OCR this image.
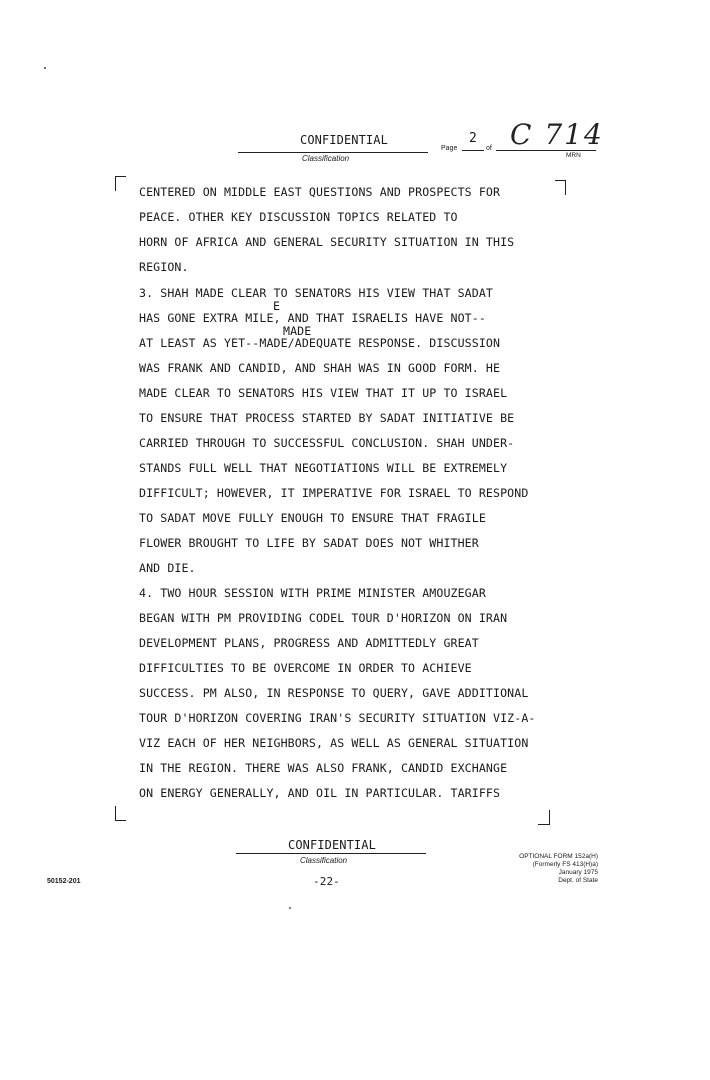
CONFIDENTIAL
Classification
Page
2
of C 714
MRN
E
MADE
CENTERED ON MIDDLE EAST QUESTIONS AND PROSPECTS FOR
PEACE. OTHER KEY DISCUSSION TOPICS RELATED TO
HORN OF AFRICA AND GENERAL SECURITY SITUATION IN THIS
REGION.
3. SHAH MADE CLEAR TO SENATORS HIS VIEW THAT SADAT
HAS GONE EXTRA MILE, AND THAT ISRAELIS HAVE NOT--
AT LEAST AS YET--MADE/ADEQUATE RESPONSE. DISCUSSION
WAS FRANK AND CANDID, AND SHAH WAS IN GOOD FORM. HE
MADE CLEAR TO SENATORS HIS VIEW THAT IT UP TO ISRAEL
TO ENSURE THAT PROCESS STARTED BY SADAT INITIATIVE BE
CARRIED THROUGH TO SUCCESSFUL CONCLUSION. SHAH UNDER-
STANDS FULL WELL THAT NEGOTIATIONS WILL BE EXTREMELY
DIFFICULT; HOWEVER, IT IMPERATIVE FOR ISRAEL TO RESPOND
TO SADAT MOVE FULLY ENOUGH TO ENSURE THAT FRAGILE
FLOWER BROUGHT TO LIFE BY SADAT DOES NOT WHITHER
AND DIE.
4. TWO HOUR SESSION WITH PRIME MINISTER AMOUZEGAR
BEGAN WITH PM PROVIDING CODEL TOUR D'HORIZON ON IRAN
DEVELOPMENT PLANS, PROGRESS AND ADMITTEDLY GREAT
DIFFICULTIES TO BE OVERCOME IN ORDER TO ACHIEVE
SUCCESS. PM ALSO, IN RESPONSE TO QUERY, GAVE ADDITIONAL
TOUR D'HORIZON COVERING IRAN'S SECURITY SITUATION VIZ-A-
VIZ EACH OF HER NEIGHBORS, AS WELL AS GENERAL SITUATION
IN THE REGION. THERE WAS ALSO FRANK, CANDID EXCHANGE
ON ENERGY GENERALLY, AND OIL IN PARTICULAR. TARIFFS
CONFIDENTIAL
Classification	OPTIONAL FORM 152a(H)
(Formerly FS 413(H)a)
January 1975
Dept. of State
50152-201	-22-
